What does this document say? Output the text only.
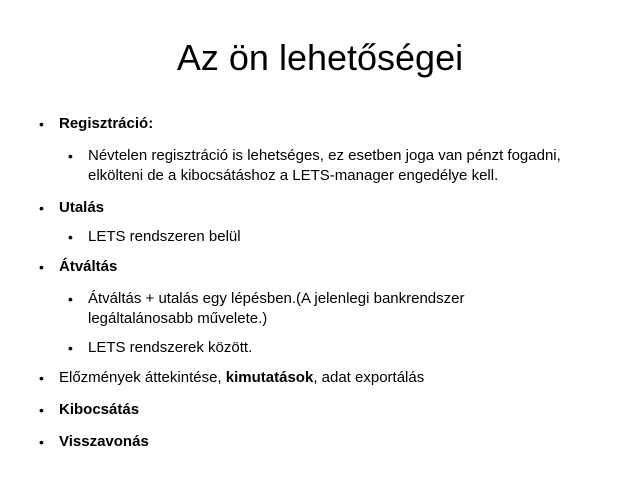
Az ön lehetőségei
• Regisztráció:
• Névtelen regisztráció is lehetséges, ez esetben joga van pénzt fogadni,
elkölteni de a kibocsátáshoz a LETS-manager engedélye kell.
• Utalás
• LETS rendszeren belül
• Átváltás
• Átváltás + utalás egy lépésben.(A jelenlegi bankrendszer
legáltalánosabb művelete.)
• LETS rendszerek között.
• Előzmények áttekintése, kimutatások, adat exportálás
• Kibocsátás
• Visszavonás
